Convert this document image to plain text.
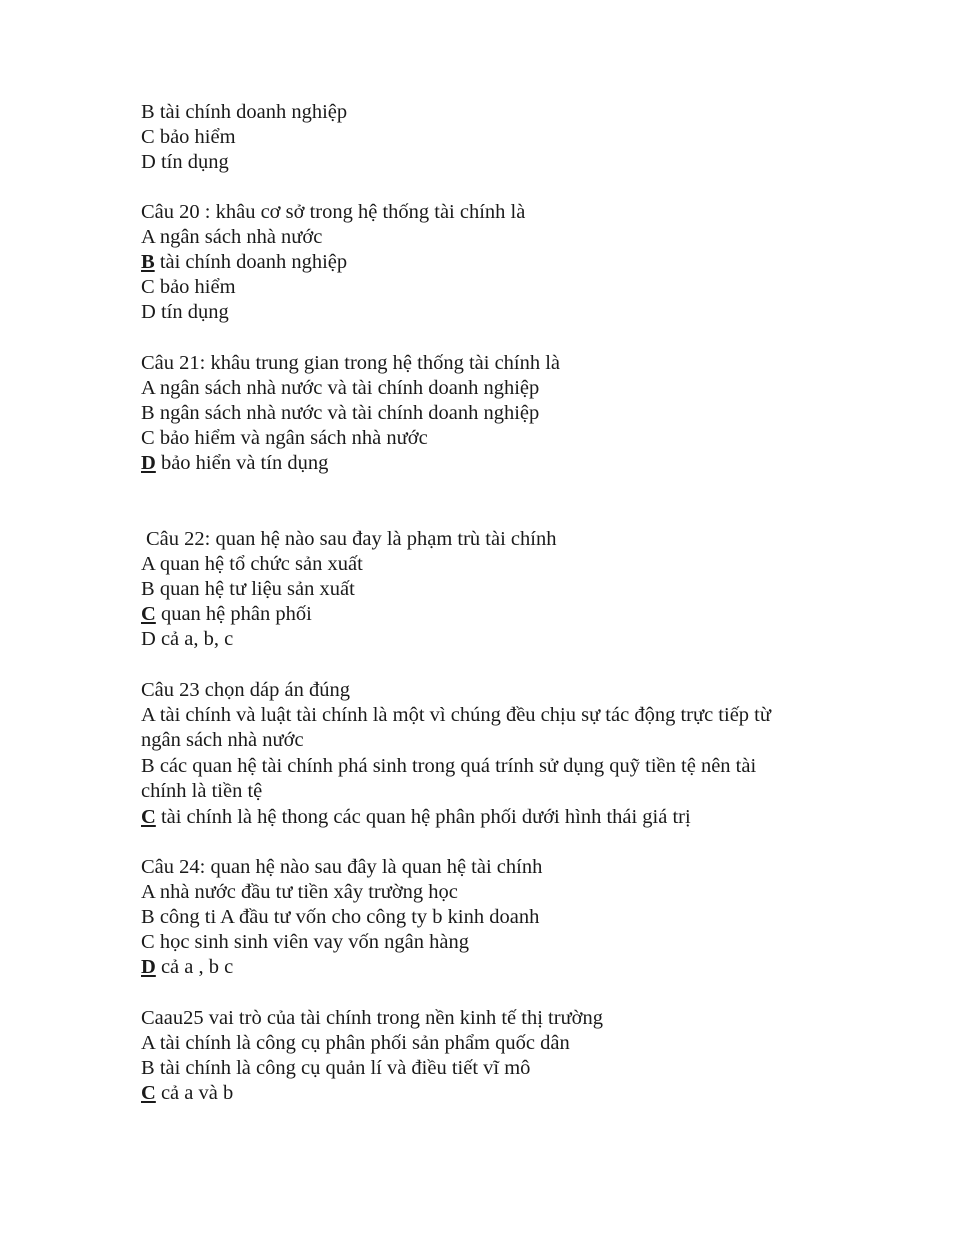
B tài chính doanh nghiệp
C bảo hiểm
D tín dụng
Câu 20 : khâu cơ sở trong hệ thống tài chính là
A ngân sách nhà nước
B tài chính doanh nghiệp
C bảo hiểm
D tín dụng
Câu 21: khâu trung gian trong hệ thống tài chính là
A ngân sách nhà nước và tài chính doanh nghiệp
B ngân sách nhà nước và tài chính doanh nghiệp
C bảo hiểm và ngân sách nhà nước
D bảo hiển và tín dụng
Câu 22: quan hệ nào sau đay là phạm trù tài chính
A quan hệ tổ chức sản xuất
B quan hệ tư liệu sản xuất
C quan hệ phân phối
D cả a, b, c
Câu 23 chọn dáp án đúng
A tài chính và luật tài chính là một vì chúng đều chịu sự tác động trực tiếp từ
ngân sách nhà nước
B các quan hệ tài chính phá sinh trong quá trính sử dụng quỹ tiền tệ nên tài
chính là tiền tệ
C tài chính là hệ thong các quan hệ phân phối dưới hình thái giá trị
Câu 24: quan hệ nào sau đây là quan hệ tài chính
A nhà nước đầu tư tiền xây trường học
B công ti A đầu tư vốn cho công ty b kinh doanh
C học sinh sinh viên vay vốn ngân hàng
D cả a , b c
Caau25 vai trò của tài chính trong nền kinh tế thị trường
A tài chính là công cụ phân phối sản phẩm quốc dân
B tài chính là công cụ quản lí và điều tiết vĩ mô
C cả a và b
